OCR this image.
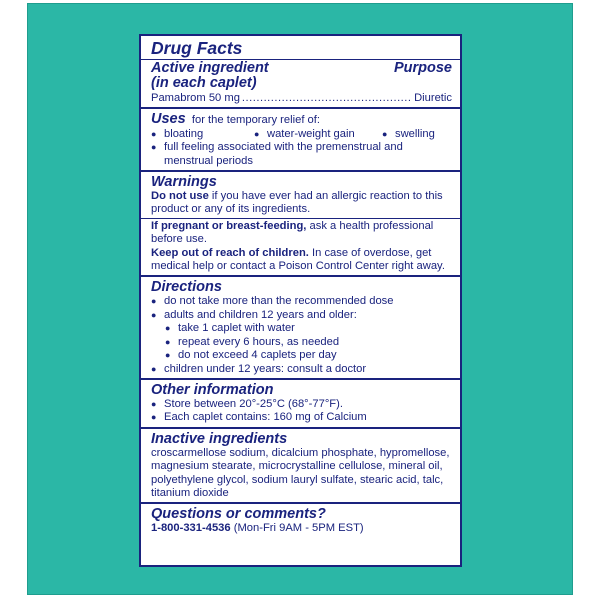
Drug Facts
Active ingredient	Purpose
(in each caplet)
Pamabrom 50 mg .....	Diuretic
Uses for the temporary relief of:
● bloating	● water-weight gain	● swelling
● full feeling associated with the premenstrual and menstrual periods
Warnings
Do not use if you have ever had an allergic reaction to this product or any of its ingredients.
If pregnant or breast-feeding, ask a health professional before use.
Keep out of reach of children. In case of overdose, get medical help or contact a Poison Control Center right away.
Directions
● do not take more than the recommended dose
● adults and children 12 years and older:
● take 1 caplet with water
● repeat every 6 hours, as needed
● do not exceed 4 caplets per day
● children under 12 years: consult a doctor
Other information
● Store between 20°-25°C (68°-77°F).
● Each caplet contains: 160 mg of Calcium
Inactive ingredients
croscarmellose sodium, dicalcium phosphate, hypromellose, magnesium stearate, microcrystalline cellulose, mineral oil, polyethylene glycol, sodium lauryl sulfate, stearic acid, talc, titanium dioxide
Questions or comments?
1-800-331-4536 (Mon-Fri 9AM - 5PM EST)
